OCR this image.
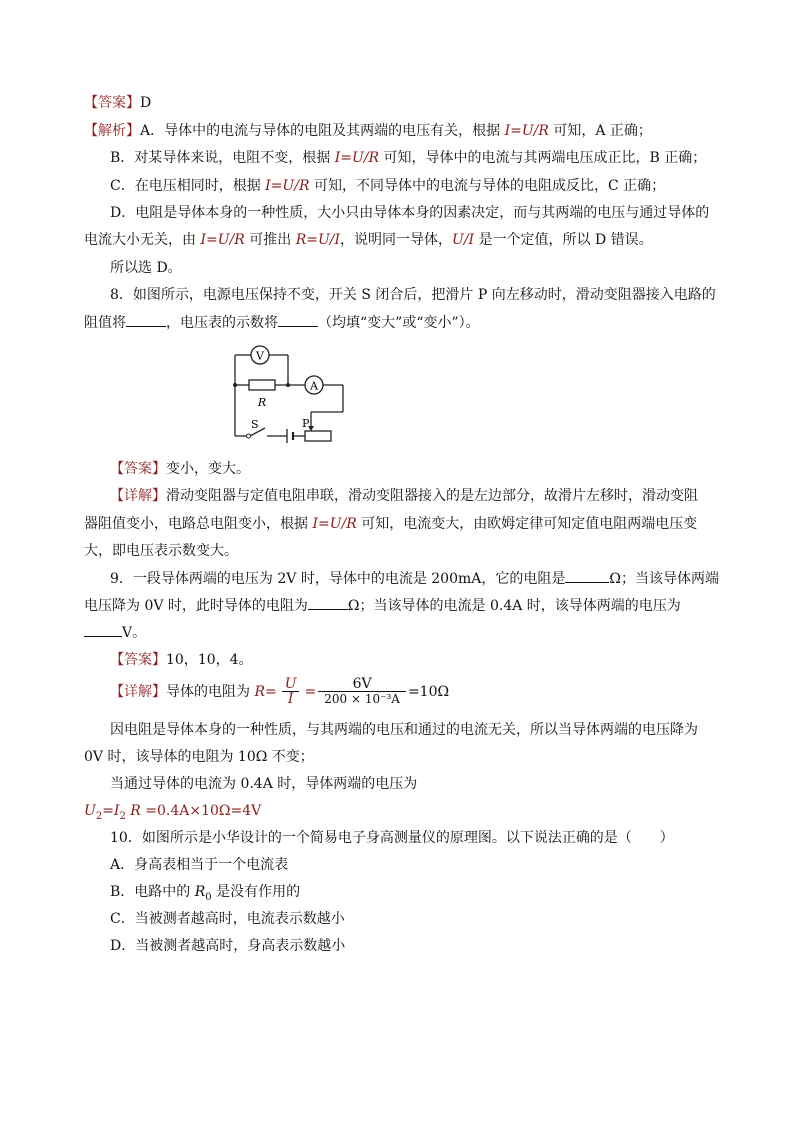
【答案】D
【解析】A．导体中的电流与导体的电阻及其两端的电压有关，根据 I=U/R 可知，A 正确；
B．对某导体来说，电阻不变，根据 I=U/R 可知，导体中的电流与其两端电压成正比，B 正确；
C．在电压相同时，根据 I=U/R 可知，不同导体中的电流与导体的电阻成反比，C 正确；
D．电阻是导体本身的一种性质，大小只由导体本身的因素决定，而与其两端的电压与通过导体的
电流大小无关，由 I=U/R 可推出 R=U/I，说明同一导体，U/I 是一个定值，所以 D 错误。
所以选 D。
8．如图所示，电源电压保持不变，开关 S 闭合后，把滑片 P 向左移动时，滑动变阻器接入电路的
阻值将	，电压表的示数将	（均填“变大”或“变小”）。
V
A
R
S	P
【答案】变小，变大。
【详解】滑动变阻器与定值电阻串联，滑动变阻器接入的是左边部分，故滑片左移时，滑动变阻
器阻值变小，电路总电阻变小，根据 I=U/R 可知，电流变大，由欧姆定律可知定值电阻两端电压变
大，即电压表示数变大。
9．一段导体两端的电压为 2V 时，导体中的电流是 200mA，它的电阻是	Ω；当该导体两端
电压降为 0V 时，此时导体的电阻为	Ω；当该导体的电流是 0.4A 时，该导体两端的电压为
V。
【答案】10，10，4。
【详解】导体的电阻为 $R= \frac{U}{I} = \frac{6V}{\text{200 × 10⁻³A}} =10\Omega$
因电阻是导体本身的一种性质，与其两端的电压和通过的电流无关，所以当导体两端的电压降为
0V 时，该导体的电阻为 10Ω 不变；
当通过导体的电流为 0.4A 时，导体两端的电压为
$U_2=I_2$ R =0.4A×10Ω=4V
10．如图所示是小华设计的一个简易电子身高测量仪的原理图。以下说法正确的是（　　）
A．身高表相当于一个电流表
B．电路中的 $R_0$ 是没有作用的
C．当被测者越高时，电流表示数越小
D．当被测者越高时，身高表示数越小
